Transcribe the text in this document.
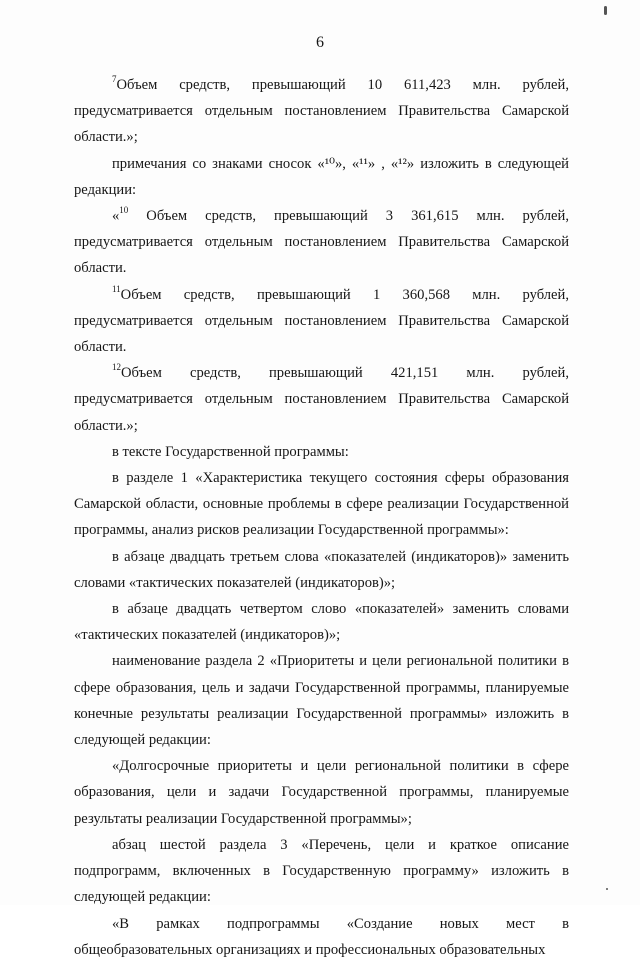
6

$^7$Объем средств, превышающий 10 611,423 млн. рублей, предусматривается отдельным постановлением Правительства Самарской области.»;

примечания со знаками сносок «¹⁰», «¹¹» , «¹²» изложить в следующей редакции:

«$^{10}$ Объем средств, превышающий 3 361,615 млн. рублей, предусматривается отдельным постановлением Правительства Самарской области.

$^{11}$Объем средств, превышающий 1 360,568 млн. рублей, предусматривается отдельным постановлением Правительства Самарской области.

$^{12}$Объем средств, превышающий 421,151 млн. рублей, предусматривается отдельным постановлением Правительства Самарской области.»;

в тексте Государственной программы:

в разделе 1 «Характеристика текущего состояния сферы образования Самарской области, основные проблемы в сфере реализации Государственной программы, анализ рисков реализации Государственной программы»:

в абзаце двадцать третьем слова «показателей (индикаторов)» заменить словами «тактических показателей (индикаторов)»;

в абзаце двадцать четвертом слово «показателей» заменить словами «тактических показателей (индикаторов)»;

наименование раздела 2 «Приоритеты и цели региональной политики в сфере образования, цель и задачи Государственной программы, планируемые конечные результаты реализации Государственной программы» изложить в следующей редакции:

«Долгосрочные приоритеты и цели региональной политики в сфере образования, цели и задачи Государственной программы, планируемые результаты реализации Государственной программы»;

абзац шестой раздела 3 «Перечень, цели и краткое описание подпрограмм, включенных в Государственную программу» изложить в следующей редакции:

«В рамках подпрограммы «Создание новых мест в общеобразовательных организациях и профессиональных образовательных
